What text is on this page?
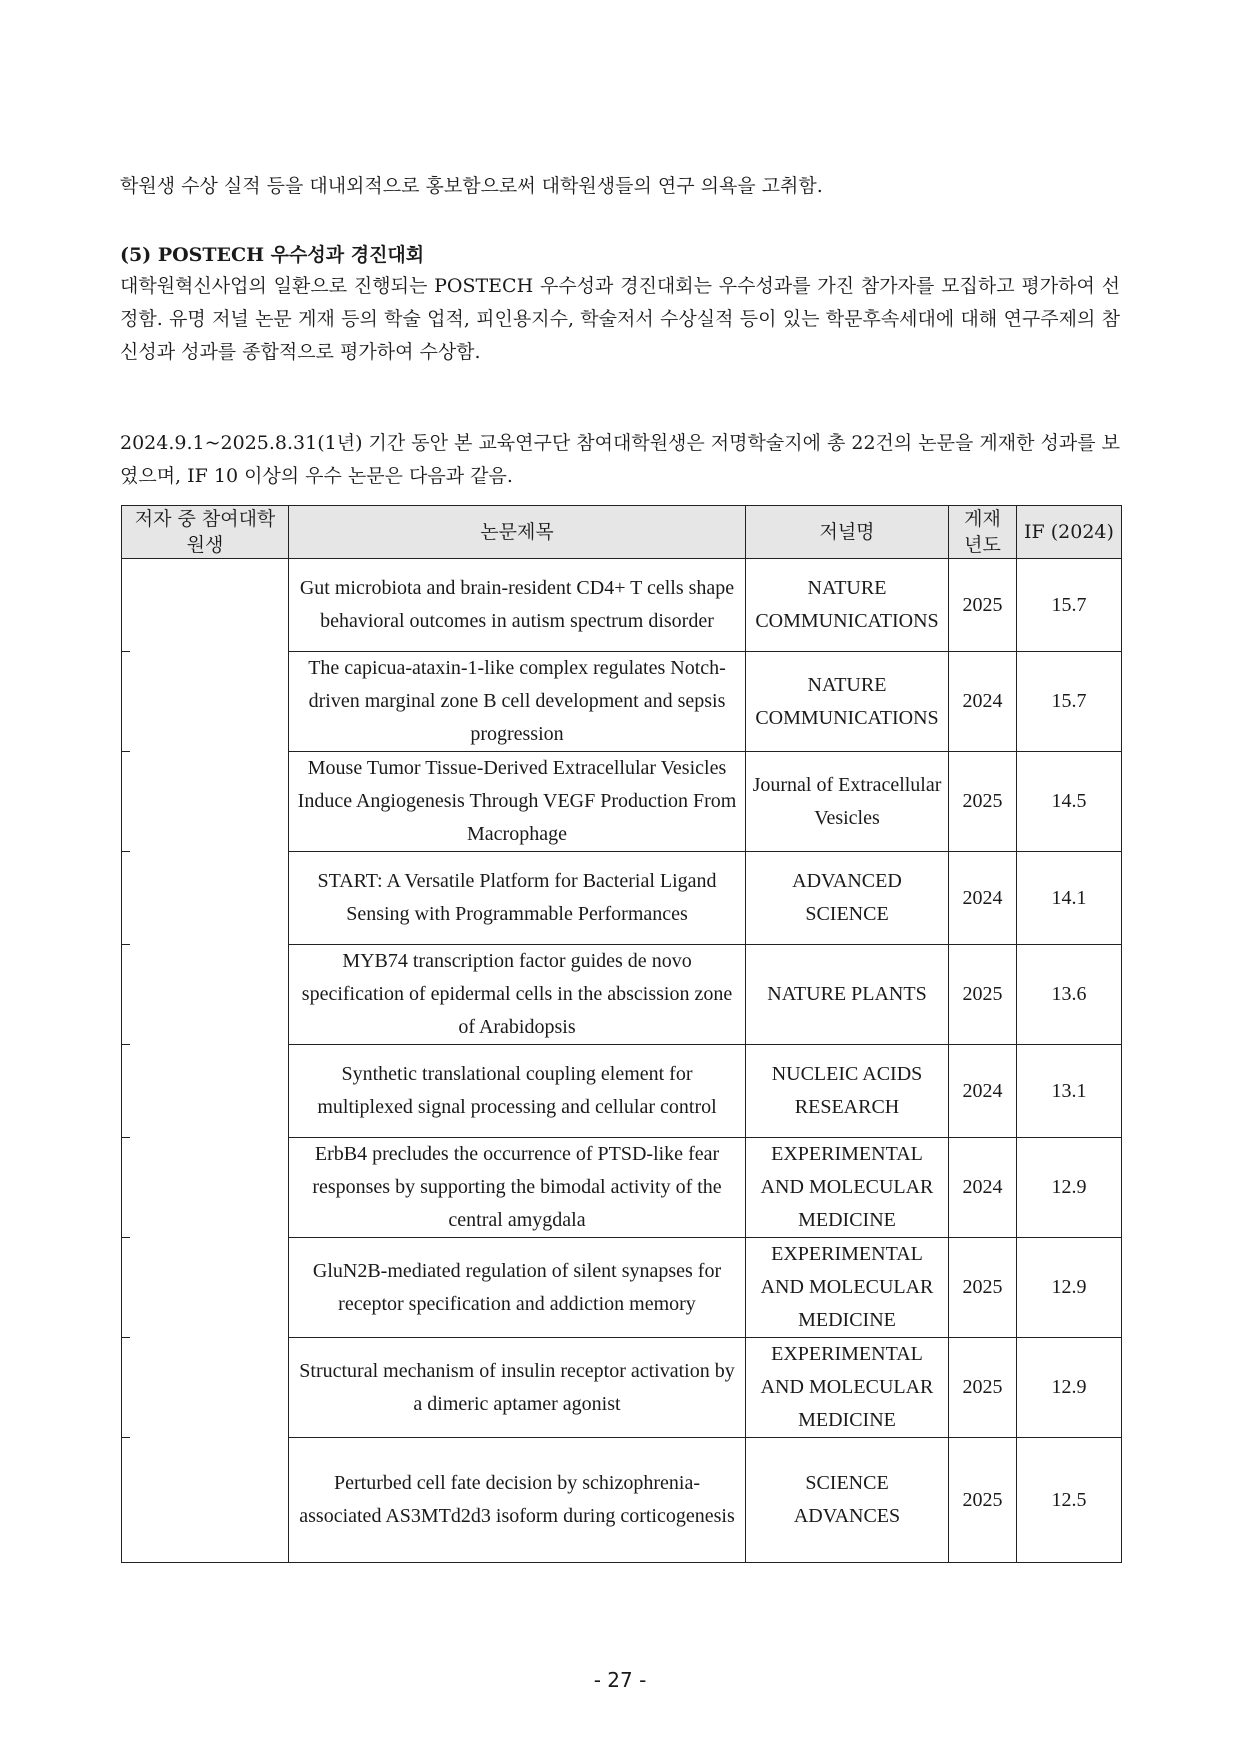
학원생 수상 실적 등을 대내외적으로 홍보함으로써 대학원생들의 연구 의욕을 고취함.
(5) POSTECH 우수성과 경진대회
대학원혁신사업의 일환으로 진행되는 POSTECH 우수성과 경진대회는 우수성과를 가진 참가자를 모집하고 평가하여 선정함. 유명 저널 논문 게재 등의 학술 업적, 피인용지수, 학술저서 수상실적 등이 있는 학문후속세대에 대해 연구주제의 참신성과 성과를 종합적으로 평가하여 수상함.
2024.9.1~2025.8.31(1년) 기간 동안 본 교육연구단 참여대학원생은 저명학술지에 총 22건의 논문을 게재한 성과를 보였으며, IF 10 이상의 우수 논문은 다음과 같음.
저자 중 참여대학원생	논문제목	저널명	게재 년도	IF (2024)

	Gut microbiota and brain-resident CD4+ T cells shape behavioral outcomes in autism spectrum disorder	NATURE COMMUNICATIONS	2025	15.7

	The capicua-ataxin-1-like complex regulates Notch-driven marginal zone B cell development and sepsis progression	NATURE COMMUNICATIONS	2024	15.7

	Mouse Tumor Tissue-Derived Extracellular Vesicles Induce Angiogenesis Through VEGF Production From Macrophage	Journal of Extracellular Vesicles	2025	14.5

	START: A Versatile Platform for Bacterial Ligand Sensing with Programmable Performances	ADVANCED SCIENCE	2024	14.1

	MYB74 transcription factor guides de novo specification of epidermal cells in the abscission zone of Arabidopsis	NATURE PLANTS	2025	13.6

	Synthetic translational coupling element for multiplexed signal processing and cellular control	NUCLEIC ACIDS RESEARCH	2024	13.1

	ErbB4 precludes the occurrence of PTSD-like fear responses by supporting the bimodal activity of the central amygdala	EXPERIMENTAL AND MOLECULAR MEDICINE	2024	12.9

	GluN2B-mediated regulation of silent synapses for receptor specification and addiction memory	EXPERIMENTAL AND MOLECULAR MEDICINE	2025	12.9

	Structural mechanism of insulin receptor activation by a dimeric aptamer agonist	EXPERIMENTAL AND MOLECULAR MEDICINE	2025	12.9
	Perturbed cell fate decision by schizophrenia-associated AS3MTd2d3 isoform during corticogenesis	SCIENCE ADVANCES	2025	12.5
- 27 -
